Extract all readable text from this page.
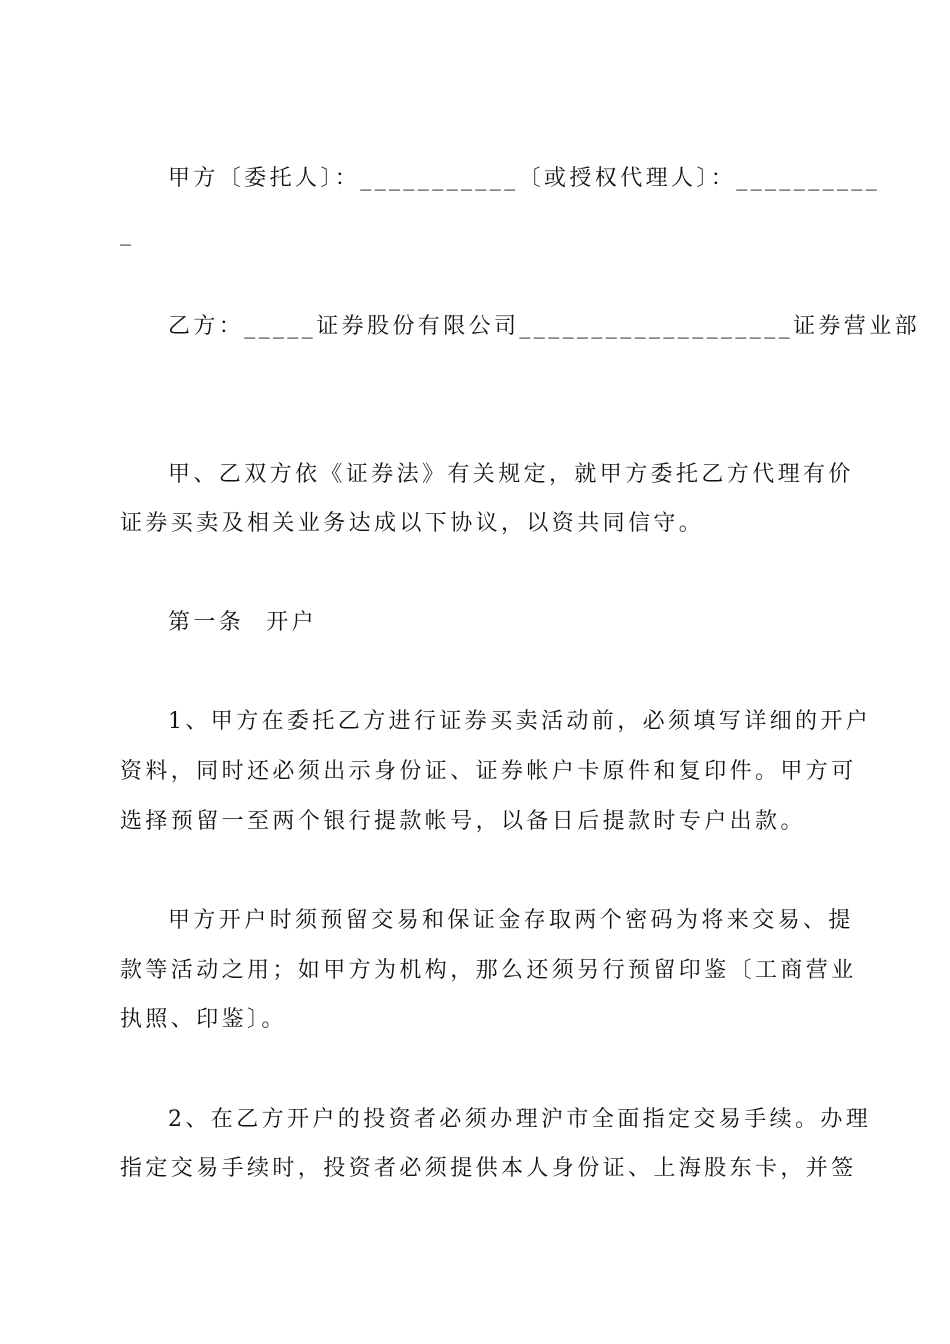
甲方〔委托人〕：___________〔或授权代理人〕：__________
_
乙方：_____证券股份有限公司___________________证券营业部
甲、乙双方依《证券法》有关规定，就甲方委托乙方代理有价
证券买卖及相关业务达成以下协议，以资共同信守。
第一条 开户
1、甲方在委托乙方进行证券买卖活动前，必须填写详细的开户
资料，同时还必须出示身份证、证券帐户卡原件和复印件。甲方可
选择预留一至两个银行提款帐号，以备日后提款时专户出款。
甲方开户时须预留交易和保证金存取两个密码为将来交易、提
款等活动之用；如甲方为机构，那么还须另行预留印鉴〔工商营业
执照、印鉴〕。
2、在乙方开户的投资者必须办理沪市全面指定交易手续。办理
指定交易手续时，投资者必须提供本人身份证、上海股东卡，并签
